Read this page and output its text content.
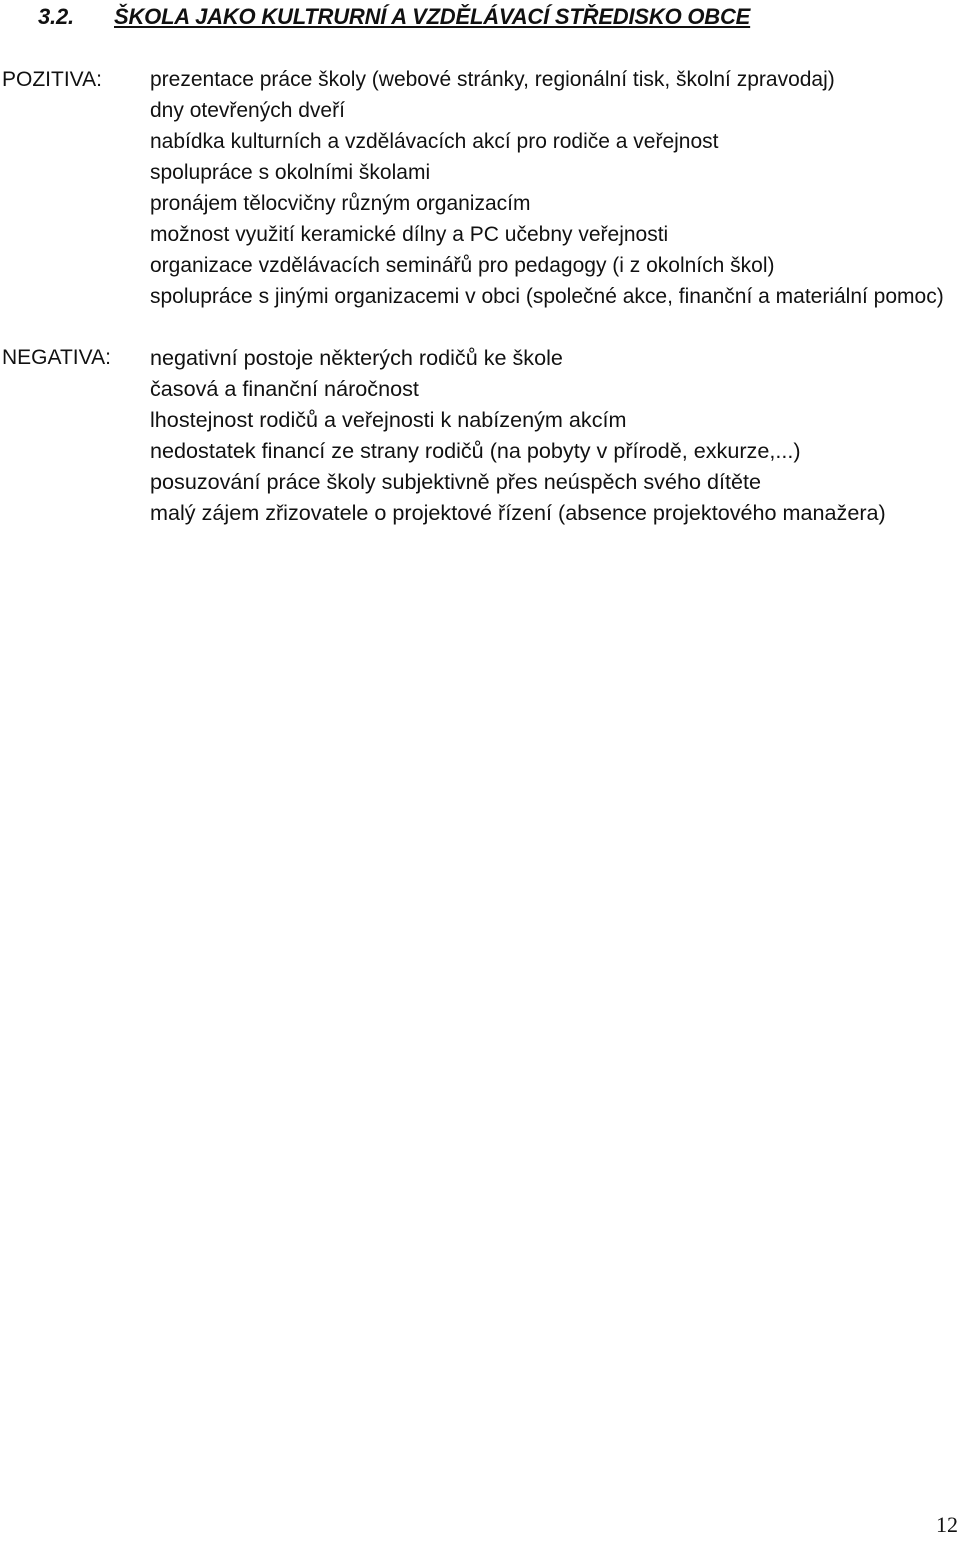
3.2. ŠKOLA JAKO KULTRURNÍ A VZDĚLÁVACÍ STŘEDISKO OBCE
POZITIVA: prezentace práce školy (webové stránky, regionální tisk, školní zpravodaj)
dny otevřených dveří
nabídka kulturních a vzdělávacích akcí pro rodiče a veřejnost
spolupráce s okolními školami
pronájem tělocvičny různým organizacím
možnost využití keramické dílny a PC učebny veřejnosti
organizace vzdělávacích seminářů pro pedagogy (i z okolních škol)
spolupráce s jinými organizacemi v obci (společné akce, finanční a materiální pomoc)
NEGATIVA: negativní postoje některých rodičů ke škole
časová a finanční náročnost
lhostejnost rodičů a veřejnosti k nabízeným akcím
nedostatek financí ze strany rodičů (na pobyty v přírodě, exkurze,...)
posuzování práce školy subjektivně přes neúspěch svého dítěte
malý zájem zřizovatele o projektové řízení (absence projektového manažera)
12
